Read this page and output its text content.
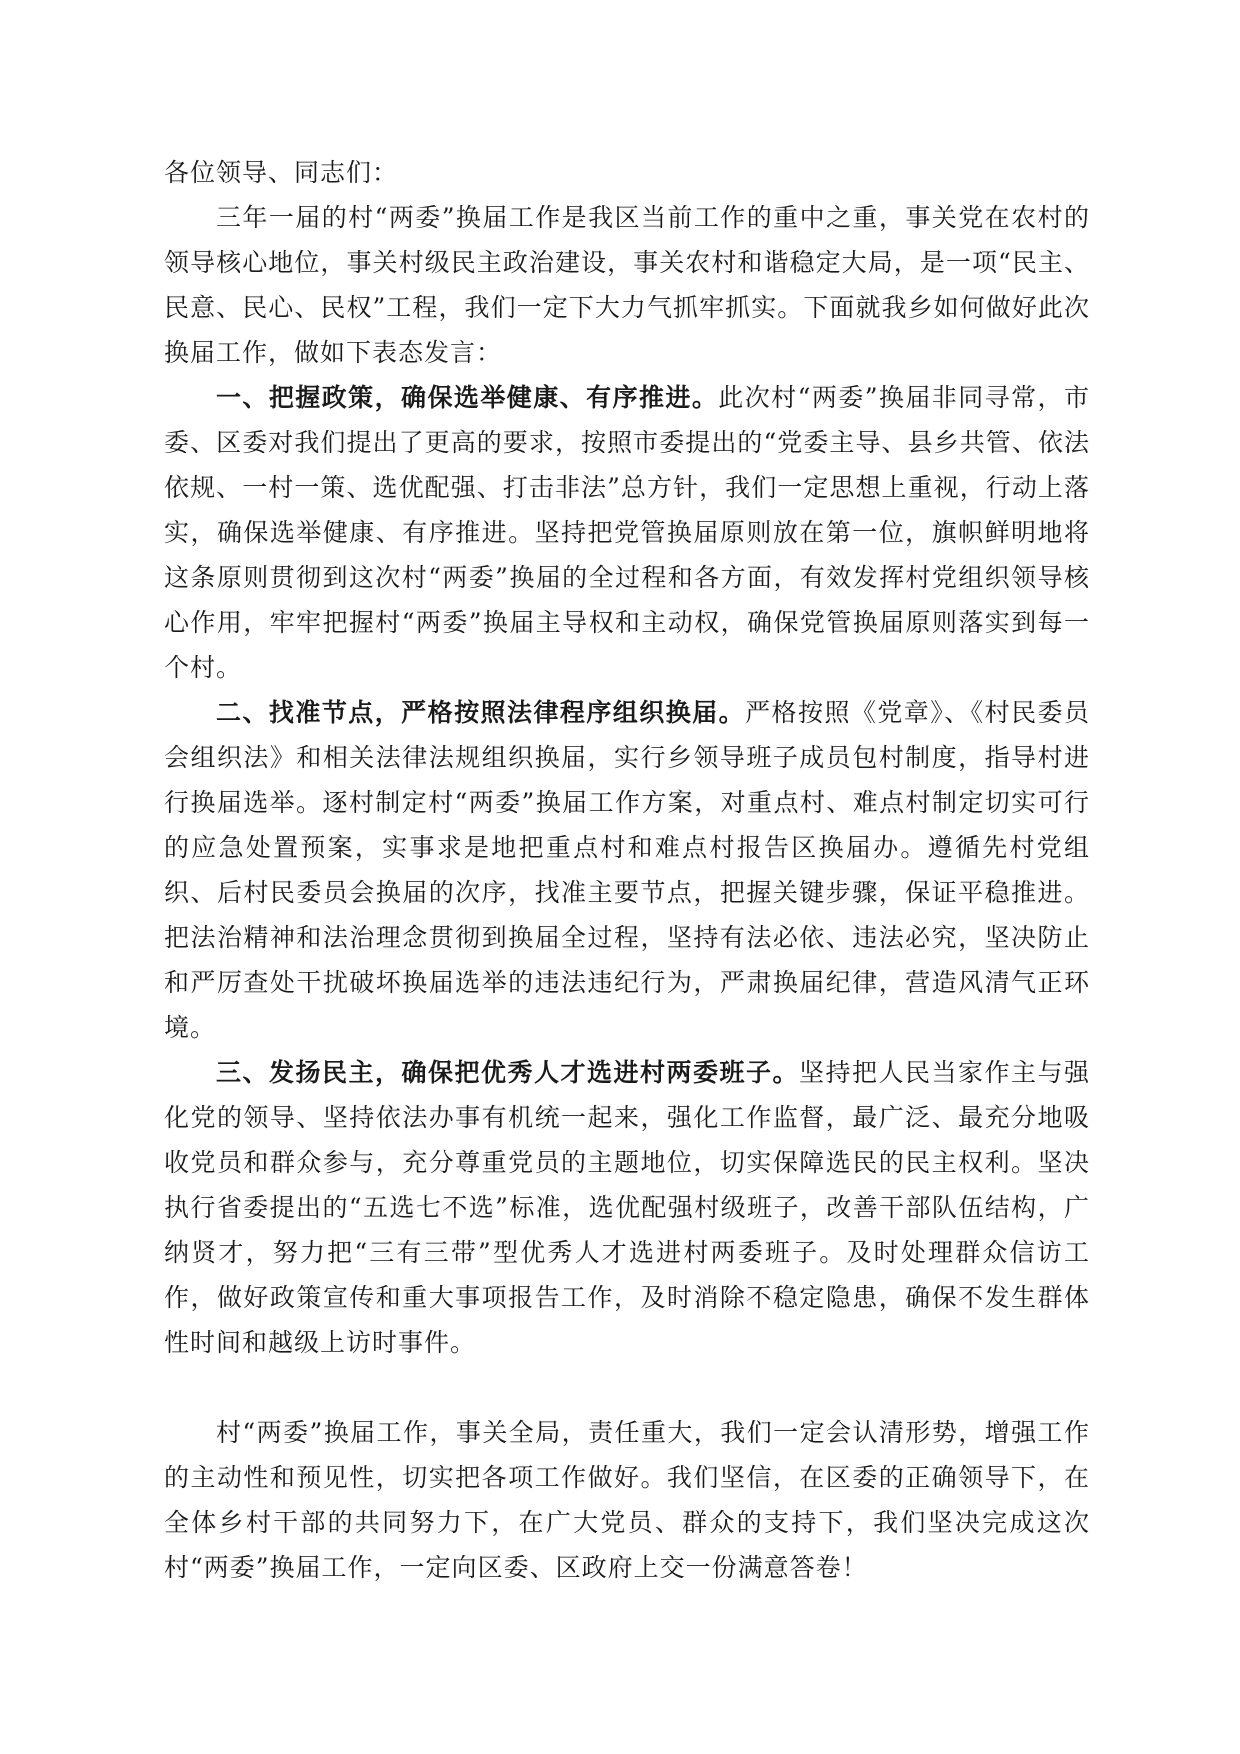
各位领导、同志们：

三年一届的村“两委”换届工作是我区当前工作的重中之重，事关党在农村的领导核心地位，事关村级民主政治建设，事关农村和谐稳定大局，是一项“民主、民意、民心、民权”工程，我们一定下大力气抓牢抓实。下面就我乡如何做好此次换届工作，做如下表态发言：

一、把握政策，确保选举健康、有序推进。此次村“两委”换届非同寻常，市委、区委对我们提出了更高的要求，按照市委提出的“党委主导、县乡共管、依法依规、一村一策、选优配强、打击非法”总方针，我们一定思想上重视，行动上落实，确保选举健康、有序推进。坚持把党管换届原则放在第一位，旗帜鲜明地将这条原则贯彻到这次村“两委”换届的全过程和各方面，有效发挥村党组织领导核心作用，牢牢把握村“两委”换届主导权和主动权，确保党管换届原则落实到每一个村。

二、找准节点，严格按照法律程序组织换届。严格按照《党章》、《村民委员会组织法》和相关法律法规组织换届，实行乡领导班子成员包村制度，指导村进行换届选举。逐村制定村“两委”换届工作方案，对重点村、难点村制定切实可行的应急处置预案，实事求是地把重点村和难点村报告区换届办。遵循先村党组织、后村民委员会换届的次序，找准主要节点，把握关键步骤，保证平稳推进。把法治精神和法治理念贯彻到换届全过程，坚持有法必依、违法必究，坚决防止和严厉查处干扰破坏换届选举的违法违纪行为，严肃换届纪律，营造风清气正环境。

三、发扬民主，确保把优秀人才选进村两委班子。坚持把人民当家作主与强化党的领导、坚持依法办事有机统一起来，强化工作监督，最广泛、最充分地吸收党员和群众参与，充分尊重党员的主题地位，切实保障选民的民主权利。坚决执行省委提出的“五选七不选”标准，选优配强村级班子，改善干部队伍结构，广纳贤才，努力把“三有三带”型优秀人才选进村两委班子。及时处理群众信访工作，做好政策宣传和重大事项报告工作，及时消除不稳定隐患，确保不发生群体性时间和越级上访时事件。

村“两委”换届工作，事关全局，责任重大，我们一定会认清形势，增强工作的主动性和预见性，切实把各项工作做好。我们坚信，在区委的正确领导下，在全体乡村干部的共同努力下，在广大党员、群众的支持下，我们坚决完成这次村“两委”换届工作，一定向区委、区政府上交一份满意答卷！
